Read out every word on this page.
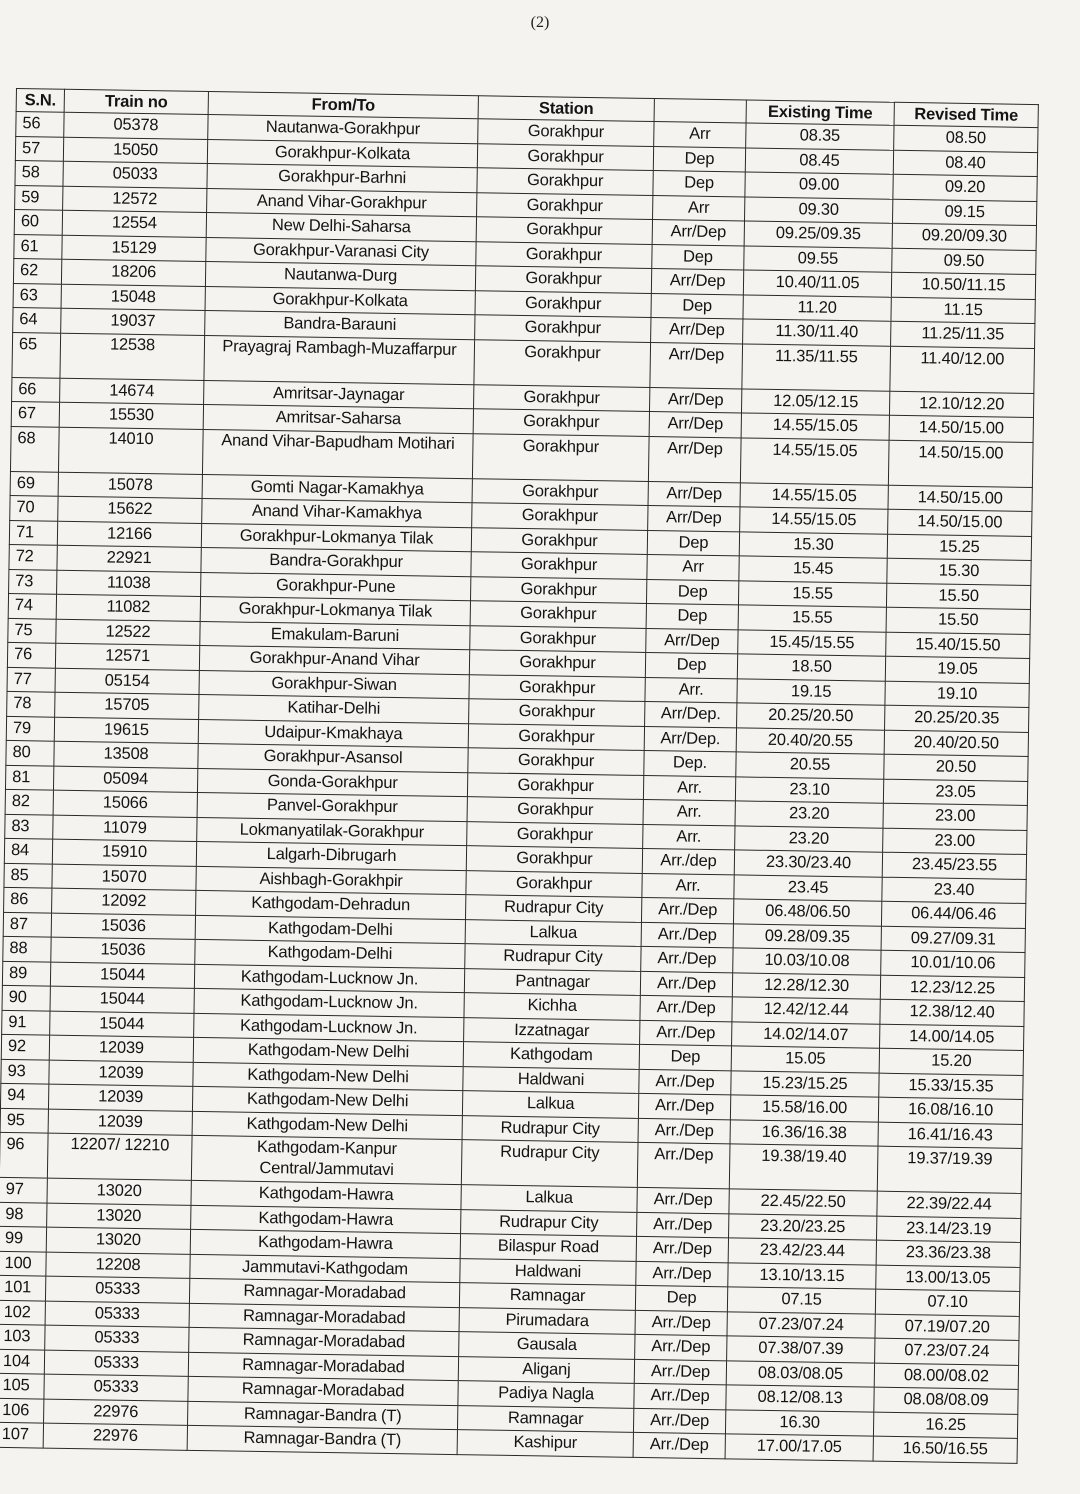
(2)
S.N.	Train no	From/To	Station		Existing Time	Revised Time
56	05378	Nautanwa-Gorakhpur	Gorakhpur	Arr	08.35	08.50
57	15050	Gorakhpur-Kolkata	Gorakhpur	Dep	08.45	08.40
58	05033	Gorakhpur-Barhni	Gorakhpur	Dep	09.00	09.20
59	12572	Anand Vihar-Gorakhpur	Gorakhpur	Arr	09.30	09.15
60	12554	New Delhi-Saharsa	Gorakhpur	Arr/Dep	09.25/09.35	09.20/09.30
61	15129	Gorakhpur-Varanasi City	Gorakhpur	Dep	09.55	09.50
62	18206	Nautanwa-Durg	Gorakhpur	Arr/Dep	10.40/11.05	10.50/11.15
63	15048	Gorakhpur-Kolkata	Gorakhpur	Dep	11.20	11.15
64	19037	Bandra-Barauni	Gorakhpur	Arr/Dep	11.30/11.40	11.25/11.35
65	12538	Prayagraj Rambagh-Muzaffarpur	Gorakhpur	Arr/Dep	11.35/11.55	11.40/12.00
66	14674	Amritsar-Jaynagar	Gorakhpur	Arr/Dep	12.05/12.15	12.10/12.20
67	15530	Amritsar-Saharsa	Gorakhpur	Arr/Dep	14.55/15.05	14.50/15.00
68	14010	Anand Vihar-Bapudham Motihari	Gorakhpur	Arr/Dep	14.55/15.05	14.50/15.00
69	15078	Gomti Nagar-Kamakhya	Gorakhpur	Arr/Dep	14.55/15.05	14.50/15.00
70	15622	Anand Vihar-Kamakhya	Gorakhpur	Arr/Dep	14.55/15.05	14.50/15.00
71	12166	Gorakhpur-Lokmanya Tilak	Gorakhpur	Dep	15.30	15.25
72	22921	Bandra-Gorakhpur	Gorakhpur	Arr	15.45	15.30
73	11038	Gorakhpur-Pune	Gorakhpur	Dep	15.55	15.50
74	11082	Gorakhpur-Lokmanya Tilak	Gorakhpur	Dep	15.55	15.50
75	12522	Emakulam-Baruni	Gorakhpur	Arr/Dep	15.45/15.55	15.40/15.50
76	12571	Gorakhpur-Anand Vihar	Gorakhpur	Dep	18.50	19.05
77	05154	Gorakhpur-Siwan	Gorakhpur	Arr.	19.15	19.10
78	15705	Katihar-Delhi	Gorakhpur	Arr/Dep.	20.25/20.50	20.25/20.35
79	19615	Udaipur-Kmakhaya	Gorakhpur	Arr/Dep.	20.40/20.55	20.40/20.50
80	13508	Gorakhpur-Asansol	Gorakhpur	Dep.	20.55	20.50
81	05094	Gonda-Gorakhpur	Gorakhpur	Arr.	23.10	23.05
82	15066	Panvel-Gorakhpur	Gorakhpur	Arr.	23.20	23.00
83	11079	Lokmanyatilak-Gorakhpur	Gorakhpur	Arr.	23.20	23.00
84	15910	Lalgarh-Dibrugarh	Gorakhpur	Arr./dep	23.30/23.40	23.45/23.55
85	15070	Aishbagh-Gorakhpir	Gorakhpur	Arr.	23.45	23.40
86	12092	Kathgodam-Dehradun	Rudrapur City	Arr./Dep	06.48/06.50	06.44/06.46
87	15036	Kathgodam-Delhi	Lalkua	Arr./Dep	09.28/09.35	09.27/09.31
88	15036	Kathgodam-Delhi	Rudrapur City	Arr./Dep	10.03/10.08	10.01/10.06
89	15044	Kathgodam-Lucknow Jn.	Pantnagar	Arr./Dep	12.28/12.30	12.23/12.25
90	15044	Kathgodam-Lucknow Jn.	Kichha	Arr./Dep	12.42/12.44	12.38/12.40
91	15044	Kathgodam-Lucknow Jn.	Izzatnagar	Arr./Dep	14.02/14.07	14.00/14.05
92	12039	Kathgodam-New Delhi	Kathgodam	Dep	15.05	15.20
93	12039	Kathgodam-New Delhi	Haldwani	Arr./Dep	15.23/15.25	15.33/15.35
94	12039	Kathgodam-New Delhi	Lalkua	Arr./Dep	15.58/16.00	16.08/16.10
95	12039	Kathgodam-New Delhi	Rudrapur City	Arr./Dep	16.36/16.38	16.41/16.43
96	12207/ 12210	Kathgodam-Kanpur Central/Jammutavi	Rudrapur City	Arr./Dep	19.38/19.40	19.37/19.39
97	13020	Kathgodam-Hawra	Lalkua	Arr./Dep	22.45/22.50	22.39/22.44
98	13020	Kathgodam-Hawra	Rudrapur City	Arr./Dep	23.20/23.25	23.14/23.19
99	13020	Kathgodam-Hawra	Bilaspur Road	Arr./Dep	23.42/23.44	23.36/23.38
100	12208	Jammutavi-Kathgodam	Haldwani	Arr./Dep	13.10/13.15	13.00/13.05
101	05333	Ramnagar-Moradabad	Ramnagar	Dep	07.15	07.10
102	05333	Ramnagar-Moradabad	Pirumadara	Arr./Dep	07.23/07.24	07.19/07.20
103	05333	Ramnagar-Moradabad	Gausala	Arr./Dep	07.38/07.39	07.23/07.24
104	05333	Ramnagar-Moradabad	Aliganj	Arr./Dep	08.03/08.05	08.00/08.02
105	05333	Ramnagar-Moradabad	Padiya Nagla	Arr./Dep	08.12/08.13	08.08/08.09
106	22976	Ramnagar-Bandra (T)	Ramnagar	Arr./Dep	16.30	16.25
107	22976	Ramnagar-Bandra (T)	Kashipur	Arr./Dep	17.00/17.05	16.50/16.55
